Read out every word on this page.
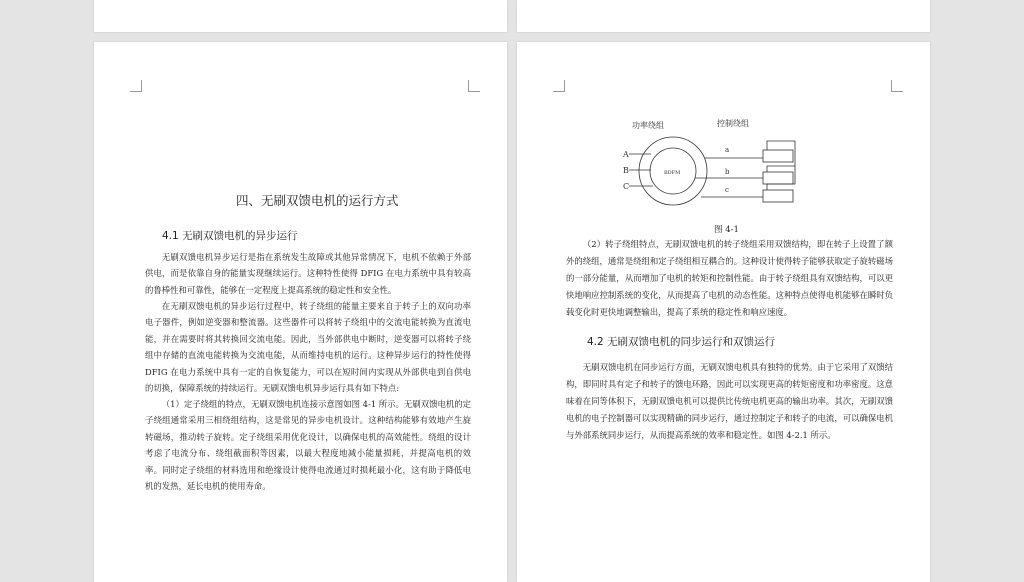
四、无刷双馈电机的运行方式
4.1 无刷双馈电机的异步运行
无刷双馈电机异步运行是指在系统发生故障或其他异常情况下，电机不依赖于外部供电，而是依靠自身的能量实现继续运行。这种特性使得 DFIG 在电力系统中具有较高的鲁棒性和可靠性，能够在一定程度上提高系统的稳定性和安全性。
在无刷双馈电机的异步运行过程中，转子绕组的能量主要来自于转子上的双向功率电子器件，例如逆变器和整流器。这些器件可以将转子绕组中的交流电能转换为直流电能，并在需要时将其转换回交流电能。因此，当外部供电中断时，逆变器可以将转子绕组中存储的直流电能转换为交流电能，从而维持电机的运行。这种异步运行的特性使得 DFIG 在电力系统中具有一定的自恢复能力，可以在短时间内实现从外部供电到自供电的切换，保障系统的持续运行。无刷双馈电机异步运行具有如下特点:
（1）定子绕组的特点，无刷双馈电机连接示意图如图 4-1 所示。无刷双馈电机的定子绕组通常采用三相绕组结构，这是常见的异步电机设计。这种结构能够有效地产生旋转磁场，推动转子旋转。定子绕组采用优化设计，以确保电机的高效能性。绕组的设计考虑了电流分布、绕组截面积等因素，以最大程度地减小能量损耗，并提高电机的效率。同时定子绕组的材料选用和绝缘设计使得电流通过时损耗最小化，这有助于降低电机的发热，延长电机的使用寿命。
功率绕组	控制绕组
A
B
C
a
b
c
BDFM
图 4-1
（2）转子绕组特点，无刷双馈电机的转子绕组采用双馈结构，即在转子上设置了额外的绕组，通常是绕组和定子绕组相互耦合的。这种设计使得转子能够获取定子旋转磁场的一部分能量，从而增加了电机的转矩和控制性能。由于转子绕组具有双馈结构，可以更快地响应控制系统的变化，从而提高了电机的动态性能。这种特点使得电机能够在瞬时负载变化时更快地调整输出，提高了系统的稳定性和响应速度。
4.2 无刷双馈电机的同步运行和双馈运行
无刷双馈电机在同步运行方面，无刷双馈电机具有独特的优势。由于它采用了双馈结构，即同时具有定子和转子的馈电环路，因此可以实现更高的转矩密度和功率密度。这意味着在同等体积下，无刷双馈电机可以提供比传统电机更高的输出功率。其次，无刷双馈电机的电子控制器可以实现精确的同步运行，通过控制定子和转子的电流，可以确保电机与外部系统同步运行，从而提高系统的效率和稳定性。如图 4-2.1 所示。
